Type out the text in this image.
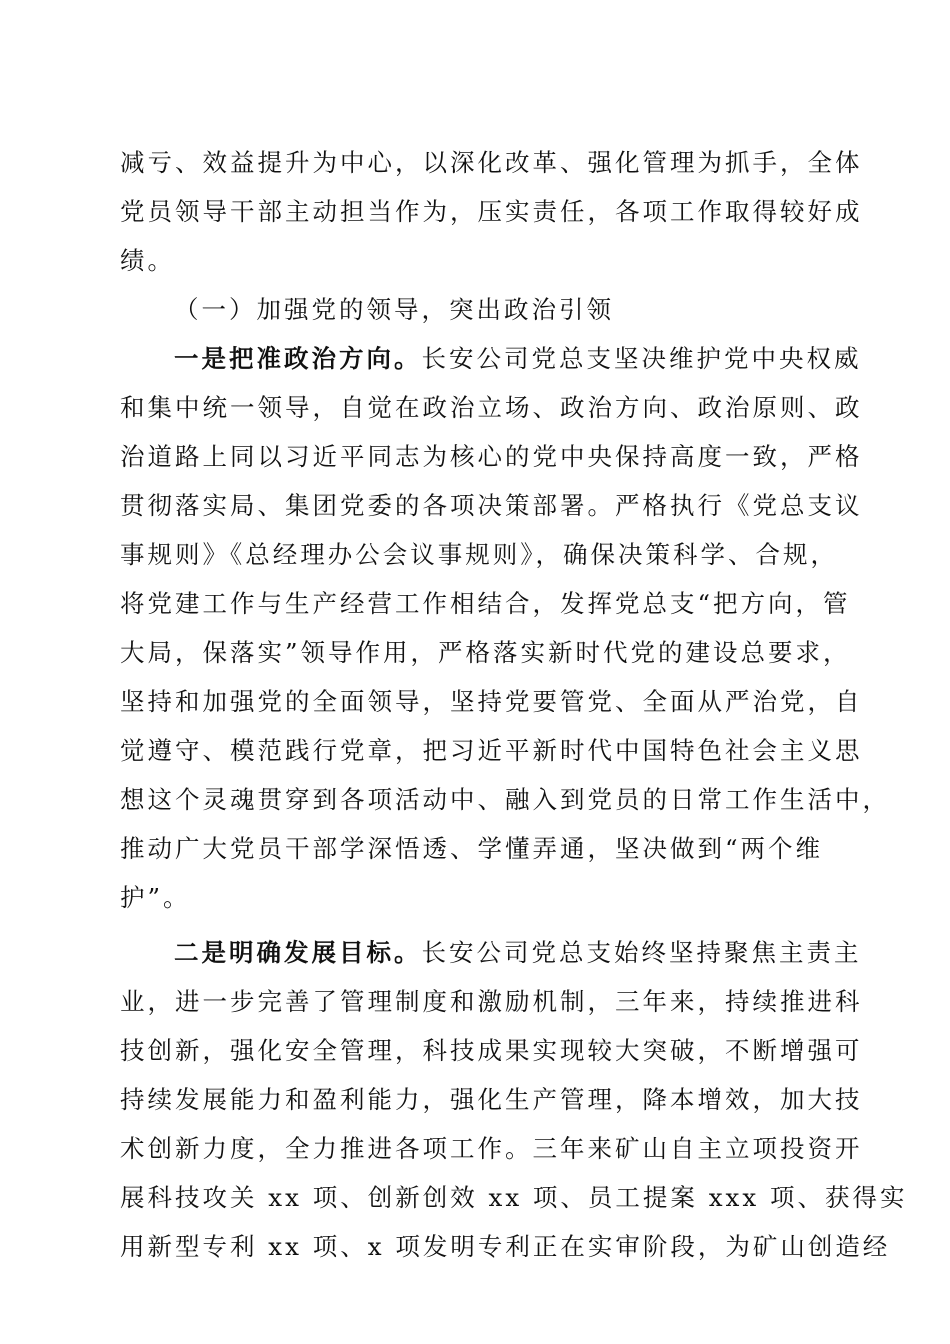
减亏、效益提升为中心，以深化改革、强化管理为抓手，全体
党员领导干部主动担当作为，压实责任，各项工作取得较好成
绩。
（一）加强党的领导，突出政治引领
一是把准政治方向。长安公司党总支坚决维护党中央权威
和集中统一领导，自觉在政治立场、政治方向、政治原则、政
治道路上同以习近平同志为核心的党中央保持高度一致，严格
贯彻落实局、集团党委的各项决策部署。严格执行《党总支议
事规则》《总经理办公会议事规则》，确保决策科学、合规，
将党建工作与生产经营工作相结合，发挥党总支“把方向，管
大局，保落实”领导作用，严格落实新时代党的建设总要求，
坚持和加强党的全面领导，坚持党要管党、全面从严治党，自
觉遵守、模范践行党章，把习近平新时代中国特色社会主义思
想这个灵魂贯穿到各项活动中、融入到党员的日常工作生活中，
推动广大党员干部学深悟透、学懂弄通，坚决做到“两个维
护”。
二是明确发展目标。长安公司党总支始终坚持聚焦主责主
业，进一步完善了管理制度和激励机制，三年来，持续推进科
技创新，强化安全管理，科技成果实现较大突破，不断增强可
持续发展能力和盈利能力，强化生产管理，降本增效，加大技
术创新力度，全力推进各项工作。三年来矿山自主立项投资开
展科技攻关 xx 项、创新创效 xx 项、员工提案 xxx 项、获得实
用新型专利 xx 项、x 项发明专利正在实审阶段，为矿山创造经
